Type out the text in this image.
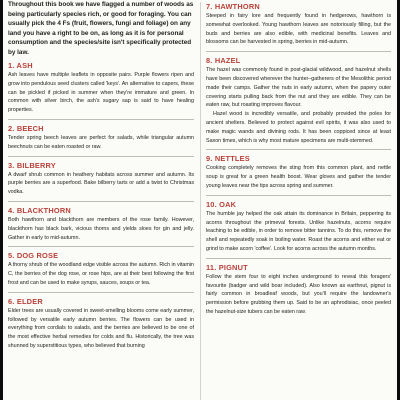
Throughout this book we have flagged a number of woods as being particularly species rich, or good for foraging. You can usually pick the 4 Fs (fruit, flowers, fungi and foliage) on any land you have a right to be on, as long as it is for personal consumption and the species/site isn't specifically protected by law.

1. ASH

Ash leaves have multiple leaflets in opposite pairs. Purple flowers ripen and grow into pendulous seed clusters called 'keys'. An alternative to capers, these can be pickled if picked in summer when they're immature and green. In common with silver birch, the ash's sugary sap is said to have healing properties.

2. BEECH

Tender spring beech leaves are perfect for salads, while triangular autumn beechnuts can be eaten roasted or raw.

3. BILBERRY

A dwarf shrub common in heathery habitats across summer and autumn. Its purple berries are a superfood. Bake bilberry tarts or add a twist to Christmas vodka.

4. BLACKTHORN

Both hawthorn and blackthorn are members of the rose family. However, blackthorn has black bark, vicious thorns and yields sloes for gin and jelly. Gather in early to mid-autumn.

5. DOG ROSE

A thorny shrub of the woodland edge visible across the autumn. Rich in vitamin C, the berries of the dog rose, or rose hips, are at their best following the first frost and can be used to make syrups, sauces, soups or tea.

6. ELDER

Elder trees are usually covered in sweet-smelling blooms come early summer, followed by versatile early autumn berries. The flowers can be used in everything from cordials to salads, and the berries are believed to be one of the most effective herbal remedies for colds and flu. Historically, the tree was shunned by superstitious types, who believed that burning

7. HAWTHORN

Steeped in fairy lore and frequently found in hedgerows, hawthorn is somewhat overlooked. Young hawthorn leaves are notoriously filling, but the buds and berries are also edible, with medicinal benefits. Leaves and blossoms can be harvested in spring, berries in mid-autumn.

8. HAZEL

The hazel was commonly found in post-glacial wildwood, and hazelnut shells have been discovered wherever the hunter–gatherers of the Mesolithic period made their camps. Gather the nuts in early autumn, when the papery outer covering starts pulling back from the nut and they are edible. They can be eaten raw, but roasting improves flavour.

Hazel wood is incredibly versatile, and probably provided the poles for ancient shelters. Believed to protect against evil spirits, it was also used to make magic wands and divining rods. It has been coppiced since at least Saxon times, which is why most mature specimens are multi-stemmed.

9. NETTLES

Cooking completely removes the sting from this common plant, and nettle soup is great for a green health boost. Wear gloves and gather the tender young leaves near the tips across spring and summer.

10. OAK

The humble jay helped the oak attain its dominance in Britain, peppering its acorns throughout the primeval forests. Unlike hazelnuts, acorns require leaching to be edible, in order to remove bitter tannins. To do this, remove the shell and repeatedly soak in boiling water. Roast the acorns and either eat or grind to make acorn 'coffee'. Look for acorns across the autumn months.

11. PIGNUT

Follow the stem four to eight inches underground to reveal this foragers' favourite (badger and wild boar included). Also known as earthnut, pignut is fairly common in broadleaf woods, but you'll require the landowner's permission before grubbing them up. Said to be an aphrodisiac, once peeled the hazelnut-size tubers can be eaten raw.
